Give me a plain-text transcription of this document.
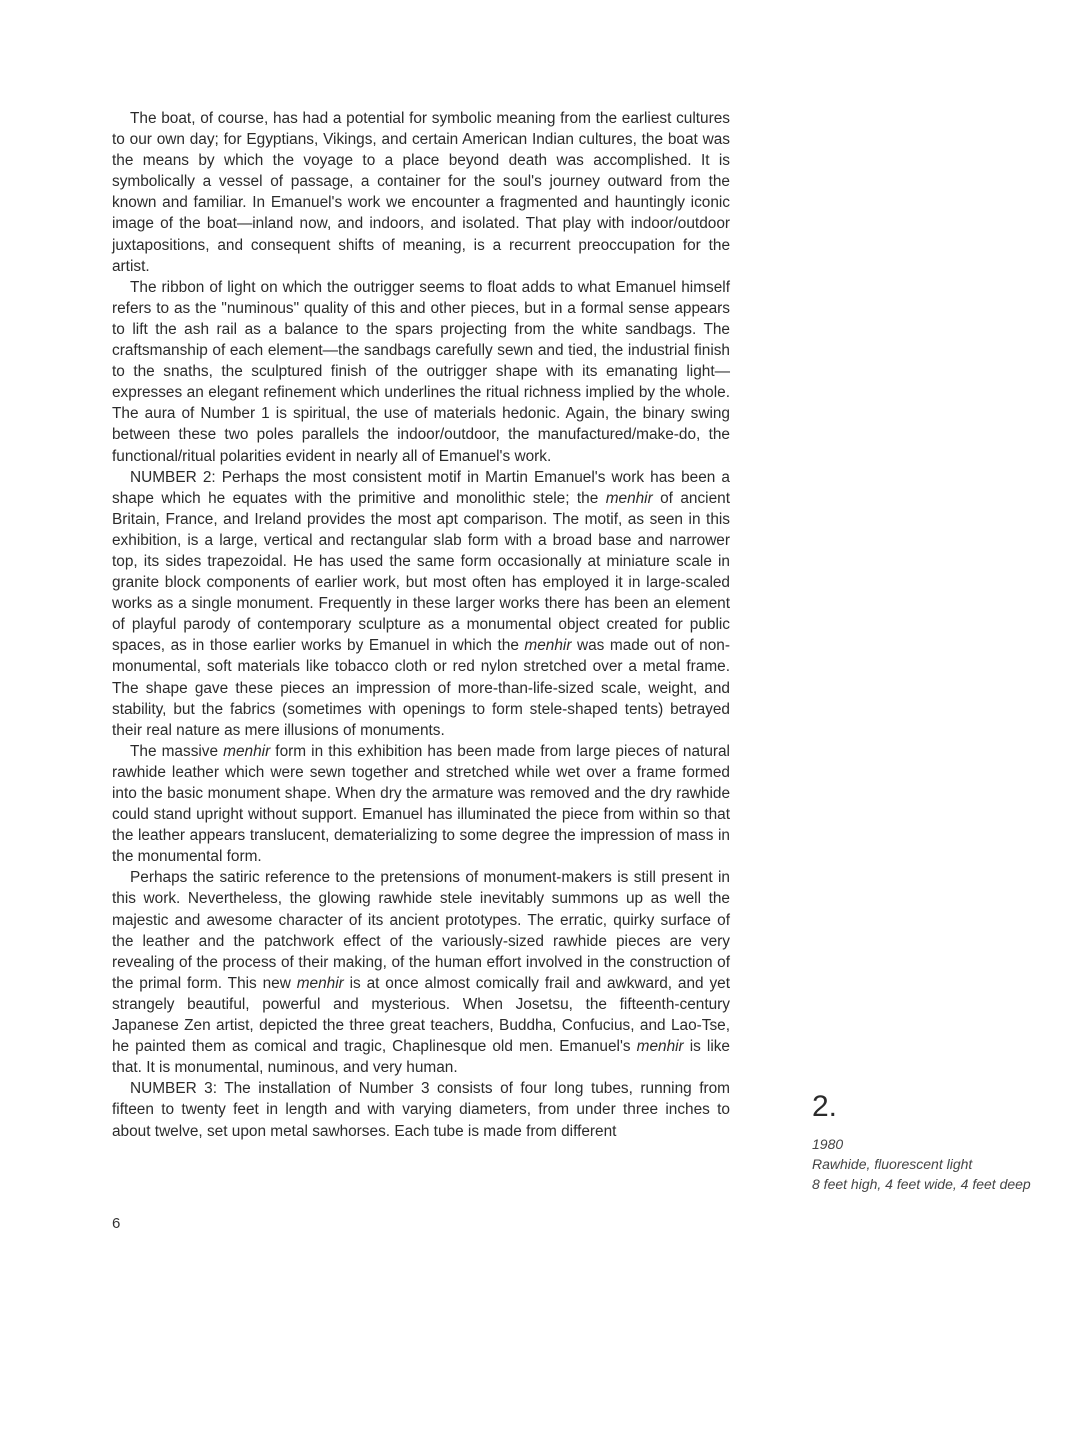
The boat, of course, has had a potential for symbolic meaning from the earliest cultures to our own day; for Egyptians, Vikings, and certain American Indian cultures, the boat was the means by which the voyage to a place beyond death was accomplished. It is symbolically a vessel of passage, a container for the soul's journey outward from the known and familiar. In Emanuel's work we encounter a fragmented and hauntingly iconic image of the boat—inland now, and indoors, and isolated. That play with indoor/outdoor juxtapositions, and consequent shifts of meaning, is a recurrent preoccupation for the artist.

The ribbon of light on which the outrigger seems to float adds to what Emanuel himself refers to as the "numinous" quality of this and other pieces, but in a formal sense appears to lift the ash rail as a balance to the spars projecting from the white sandbags. The craftsmanship of each element—the sandbags carefully sewn and tied, the industrial finish to the snaths, the sculptured finish of the outrigger shape with its emanating light—expresses an elegant refinement which underlines the ritual richness implied by the whole. The aura of Number 1 is spiritual, the use of materials hedonic. Again, the binary swing between these two poles parallels the indoor/outdoor, the manufactured/make-do, the functional/ritual polarities evident in nearly all of Emanuel's work.

NUMBER 2: Perhaps the most consistent motif in Martin Emanuel's work has been a shape which he equates with the primitive and monolithic stele; the menhir of ancient Britain, France, and Ireland provides the most apt comparison. The motif, as seen in this exhibition, is a large, vertical and rectangular slab form with a broad base and narrower top, its sides trapezoidal. He has used the same form occasionally at miniature scale in granite block components of earlier work, but most often has employed it in large-scaled works as a single monument. Frequently in these larger works there has been an element of playful parody of contemporary sculpture as a monumental object created for public spaces, as in those earlier works by Emanuel in which the menhir was made out of non-monumental, soft materials like tobacco cloth or red nylon stretched over a metal frame. The shape gave these pieces an impression of more-than-life-sized scale, weight, and stability, but the fabrics (sometimes with openings to form stele-shaped tents) betrayed their real nature as mere illusions of monuments.

The massive menhir form in this exhibition has been made from large pieces of natural rawhide leather which were sewn together and stretched while wet over a frame formed into the basic monument shape. When dry the armature was removed and the dry rawhide could stand upright without support. Emanuel has illuminated the piece from within so that the leather appears translucent, dematerializing to some degree the impression of mass in the monumental form.

Perhaps the satiric reference to the pretensions of monument-makers is still present in this work. Nevertheless, the glowing rawhide stele inevitably summons up as well the majestic and awesome character of its ancient prototypes. The erratic, quirky surface of the leather and the patchwork effect of the variously-sized rawhide pieces are very revealing of the process of their making, of the human effort involved in the construction of the primal form. This new menhir is at once almost comically frail and awkward, and yet strangely beautiful, powerful and mysterious. When Josetsu, the fifteenth-century Japanese Zen artist, depicted the three great teachers, Buddha, Confucius, and Lao-Tse, he painted them as comical and tragic, Chaplinesque old men. Emanuel's menhir is like that. It is monumental, numinous, and very human.

NUMBER 3: The installation of Number 3 consists of four long tubes, running from fifteen to twenty feet in length and with varying diameters, from under three inches to about twelve, set upon metal sawhorses. Each tube is made from different

6
2.
1980
Rawhide, fluorescent light
8 feet high, 4 feet wide, 4 feet deep
